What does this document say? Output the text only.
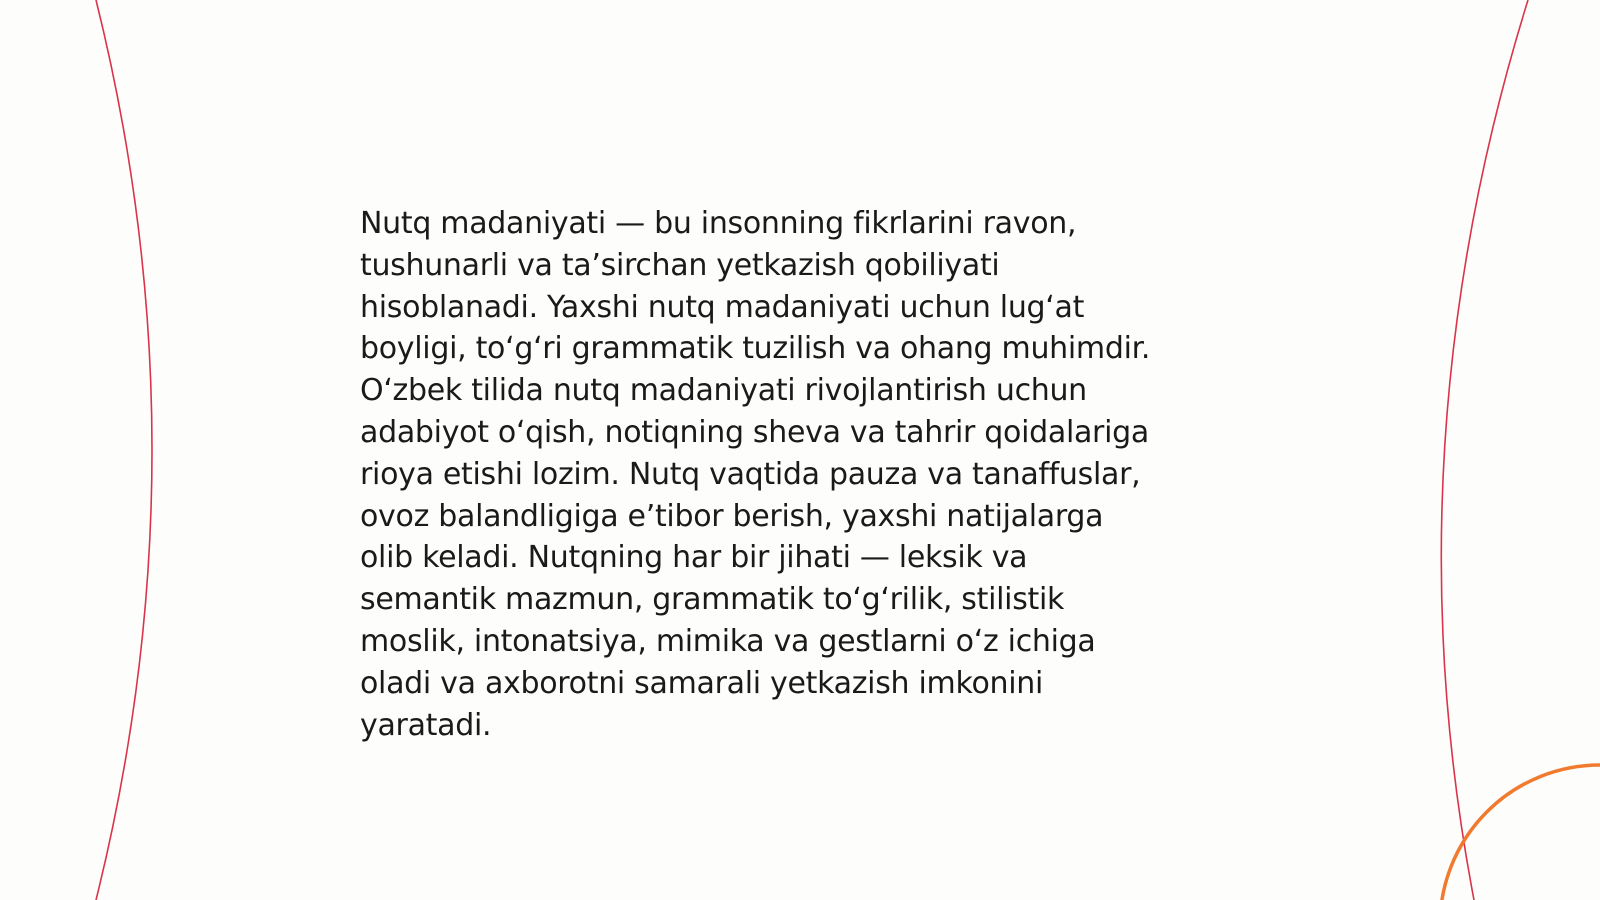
Nutq madaniyati — bu insonning fikrlarini ravon,
tushunarli va ta’sirchan yetkazish qobiliyati
hisoblanadi. Yaxshi nutq madaniyati uchun lug‘at
boyligi, to‘g‘ri grammatik tuzilish va ohang muhimdir.
O‘zbek tilida nutq madaniyati rivojlantirish uchun
adabiyot o‘qish, notiqning sheva va tahrir qoidalariga
rioya etishi lozim. Nutq vaqtida pauza va tanaffuslar,
ovoz balandligiga e’tibor berish, yaxshi natijalarga
olib keladi. Nutqning har bir jihati — leksik va
semantik mazmun, grammatik to‘g‘rilik, stilistik
moslik, intonatsiya, mimika va gestlarni o‘z ichiga
oladi va axborotni samarali yetkazish imkonini
yaratadi.
